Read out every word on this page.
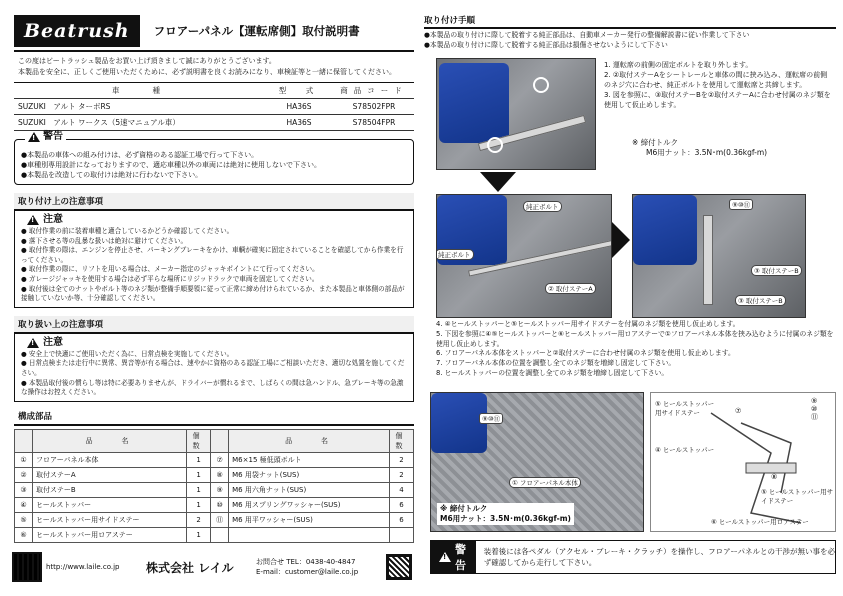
Beatrush	フロアーパネル【運転席側】取付説明書
この度はビートラッシュ製品をお買い上げ頂きまして誠にありがとうございます。
本製品を安全に、正しくご使用いただくために、必ず説明書を良くお読みになり、車検証等と一緒に保管してください。
車　　種	型　式	商品コード
SUZUKI　アルト ターボRS	HA36S	S78502FPR
SUZUKI　アルト ワークス（5速マニュアル車）	HA36S	S78504FPR
! 警告
●本製品の車体への組み付けは、必ず資格のある認証工場で行って下さい。
●車種別専用設計になっておりますので、適応車種以外の車両には絶対に使用しないで下さい。
●本製品を改造しての取付けは絶対に行わないで下さい。
取り付け上の注意事項
! 注意
● 取付作業の前に装着車種と適合しているかどうか確認してください。
● 落下させる等の乱暴な扱いは絶対に避けてください。
● 取付作業の際は、エンジンを停止させ、パーキングブレーキをかけ、車輌が確実に固定されていることを確認してから作業を行ってください。
● 取付作業の際に、リフトを用いる場合は、メーカー指定のジャッキポイントにて行ってください。
● ガレージジャッキを使用する場合は必ず平らな場所にリジッドラックで車両を固定してください。
● 取付後は全てのナットやボルト等のネジ類が整備手順要領に従って正常に締め付けられているか、また本製品と車体側の部品が接触していないか等、十分確認してください。
取り扱い上の注意事項
! 注意
● 安全上で快適にご使用いただく為に、日常点検を実施してください。
● 日常点検または走行中に異常、異音等が有る場合は、速やかに資格のある認証工場にご相談いただき、適切な処置を施してください。
● 本製品取付後の慣らし等は特に必要ありませんが、ドライバーが慣れるまで、しばらくの間は急ハンドル、急ブレーキ等の急激な操作はお控えください。
構成部品
	品　　名	個数		品　　名	個数
①	フロアーパネル本体	1	⑦	M6×15 極低頭ボルト	2
②	取付ステーA	1	⑧	M6 用袋ナット(SUS)	2
③	取付ステーB	1	⑨	M6 用六角ナット(SUS)	4
④	ヒールストッパー	1	⑩	M6 用スプリングワッシャー(SUS)	6
⑤	ヒールストッパー用サイドステー	2	⑪	M6 用平ワッシャー(SUS)	6
⑥	ヒールストッパー用ロアステー	1			
http://www.laile.co.jp	株式会社 レイル	お問合せ TEL：0438-40-4847
E-mail：customer@laile.co.jp
取り付け手順
●本製品の取り付けに際して脱着する純正部品は、自動車メーカー発行の整備解説書に従い作業して下さい
●本製品の取り付けに際して脱着する純正部品は損傷させないようにして下さい
1. 運転席の前側の固定ボルトを取り外します。
2. ②取付ステーAをシートレールと車体の間に挟み込み、運転席の前側のネジ穴に合わせ、純正ボルトを使用して運転席と共締します。
3. 図を参照に、③取付ステーBを②取付ステーAに合わせ付属のネジ類を使用して仮止めします。
※ 締付トルク
M6用ナット：3.5N･m(0.36kgf-m)
純正ボルト
純正ボルト
② 取付ステーA
⑨⑩⑪
③ 取付ステーB
③ 取付ステーB
4. ④ヒールストッパーと⑤ヒールストッパー用サイドステーを付属のネジ類を使用し仮止めします。
5. 下図を参照に④⑤ヒールストッパーと⑥ヒールストッパー用ロアステーで①フロアーパネル本体を挟み込むように付属のネジ類を使用し仮止めします。
6. フロアーパネル本体をストッパーと②取付ステーに合わせ付属のネジ類を使用し仮止めします。
7. フロアーパネル本体の位置を調整し全てのネジ類を増締し固定して下さい。
8. ヒールストッパーの位置を調整し全てのネジ類を増締し固定して下さい。
① フロアーパネル本体
⑨⑩⑪
※ 締付トルク
M6用ナット：3.5N･m(0.36kgf-m)
⑤ ヒールストッパー用サイドステー
④ ヒールストッパー
⑤ ヒールストッパー用サイドステー
⑥ ヒールストッパー用ロアステー
⑦
⑧
⑨
⑩
⑪
!
警告
装着後には各ペダル（アクセル・ブレーキ・クラッチ）を操作し、フロアーパネルとの干渉が無い事を必ず確認してから走行して下さい。
